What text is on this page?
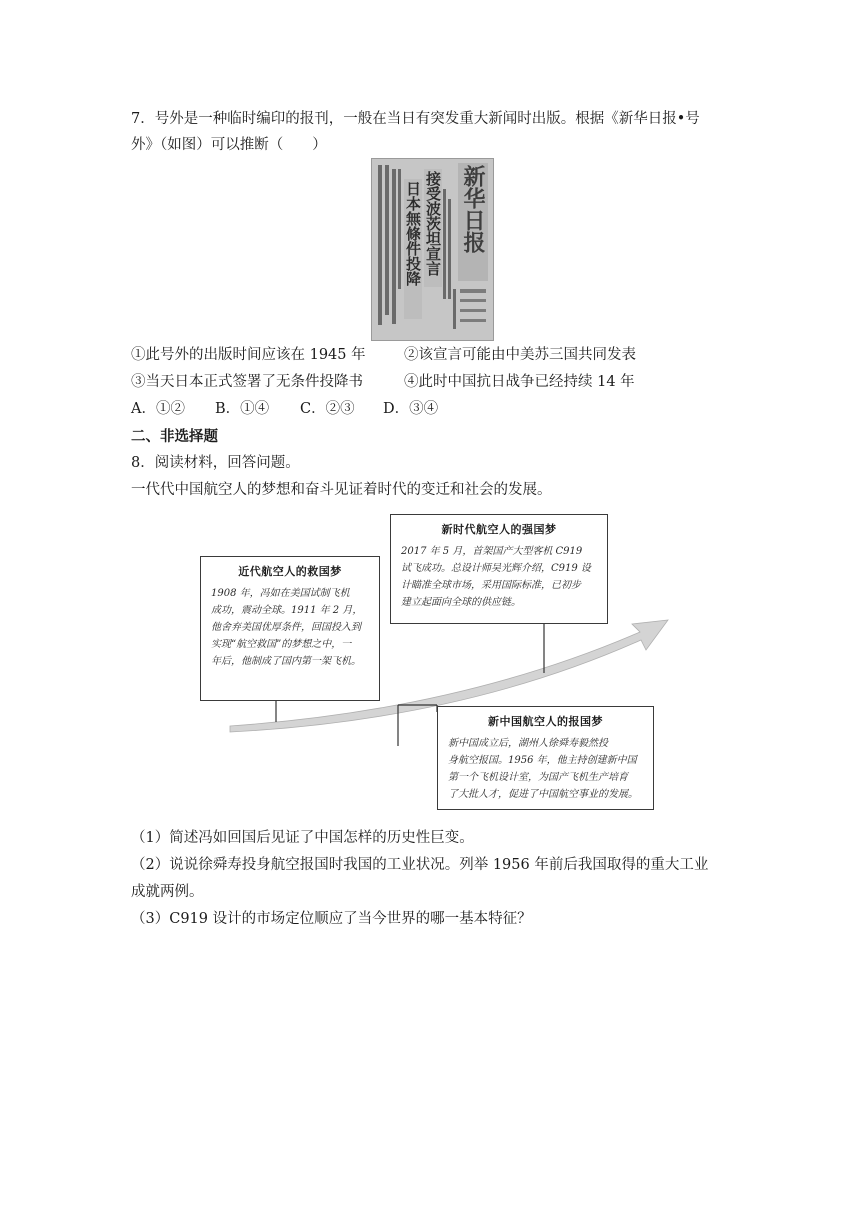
7．号外是一种临时编印的报刊，一般在当日有突发重大新闻时出版。根据《新华日报•号
外》（如图）可以推断（　　）
新华日报
接受波茨坦宣言
日本無條件投降
①此号外的出版时间应该在 1945 年	②该宣言可能由中美苏三国共同发表
③当天日本正式签署了无条件投降书	④此时中国抗日战争已经持续 14 年
A．①② B．①④ C．②③ D．③④
二、非选择题
8．阅读材料，回答问题。
一代代中国航空人的梦想和奋斗见证着时代的变迁和社会的发展。
近代航空人的救国梦
1908 年，冯如在美国试制飞机
成功，震动全球。1911 年 2 月，
他舍弃美国优厚条件，回国投入到
实现“航空救国”的梦想之中，一
年后，他制成了国内第一架飞机。
新时代航空人的强国梦
2017 年 5 月，首架国产大型客机 C919
试飞成功。总设计师吴光辉介绍，C919 设
计瞄准全球市场，采用国际标准，已初步
建立起面向全球的供应链。
新中国航空人的报国梦
新中国成立后，湖州人徐舜寿毅然投
身航空报国。1956 年，他主持创建新中国
第一个飞机设计室，为国产飞机生产培育
了大批人才，促进了中国航空事业的发展。
（1）简述冯如回国后见证了中国怎样的历史性巨变。
（2）说说徐舜寿投身航空报国时我国的工业状况。列举 1956 年前后我国取得的重大工业
成就两例。
（3）C919 设计的市场定位顺应了当今世界的哪一基本特征？
